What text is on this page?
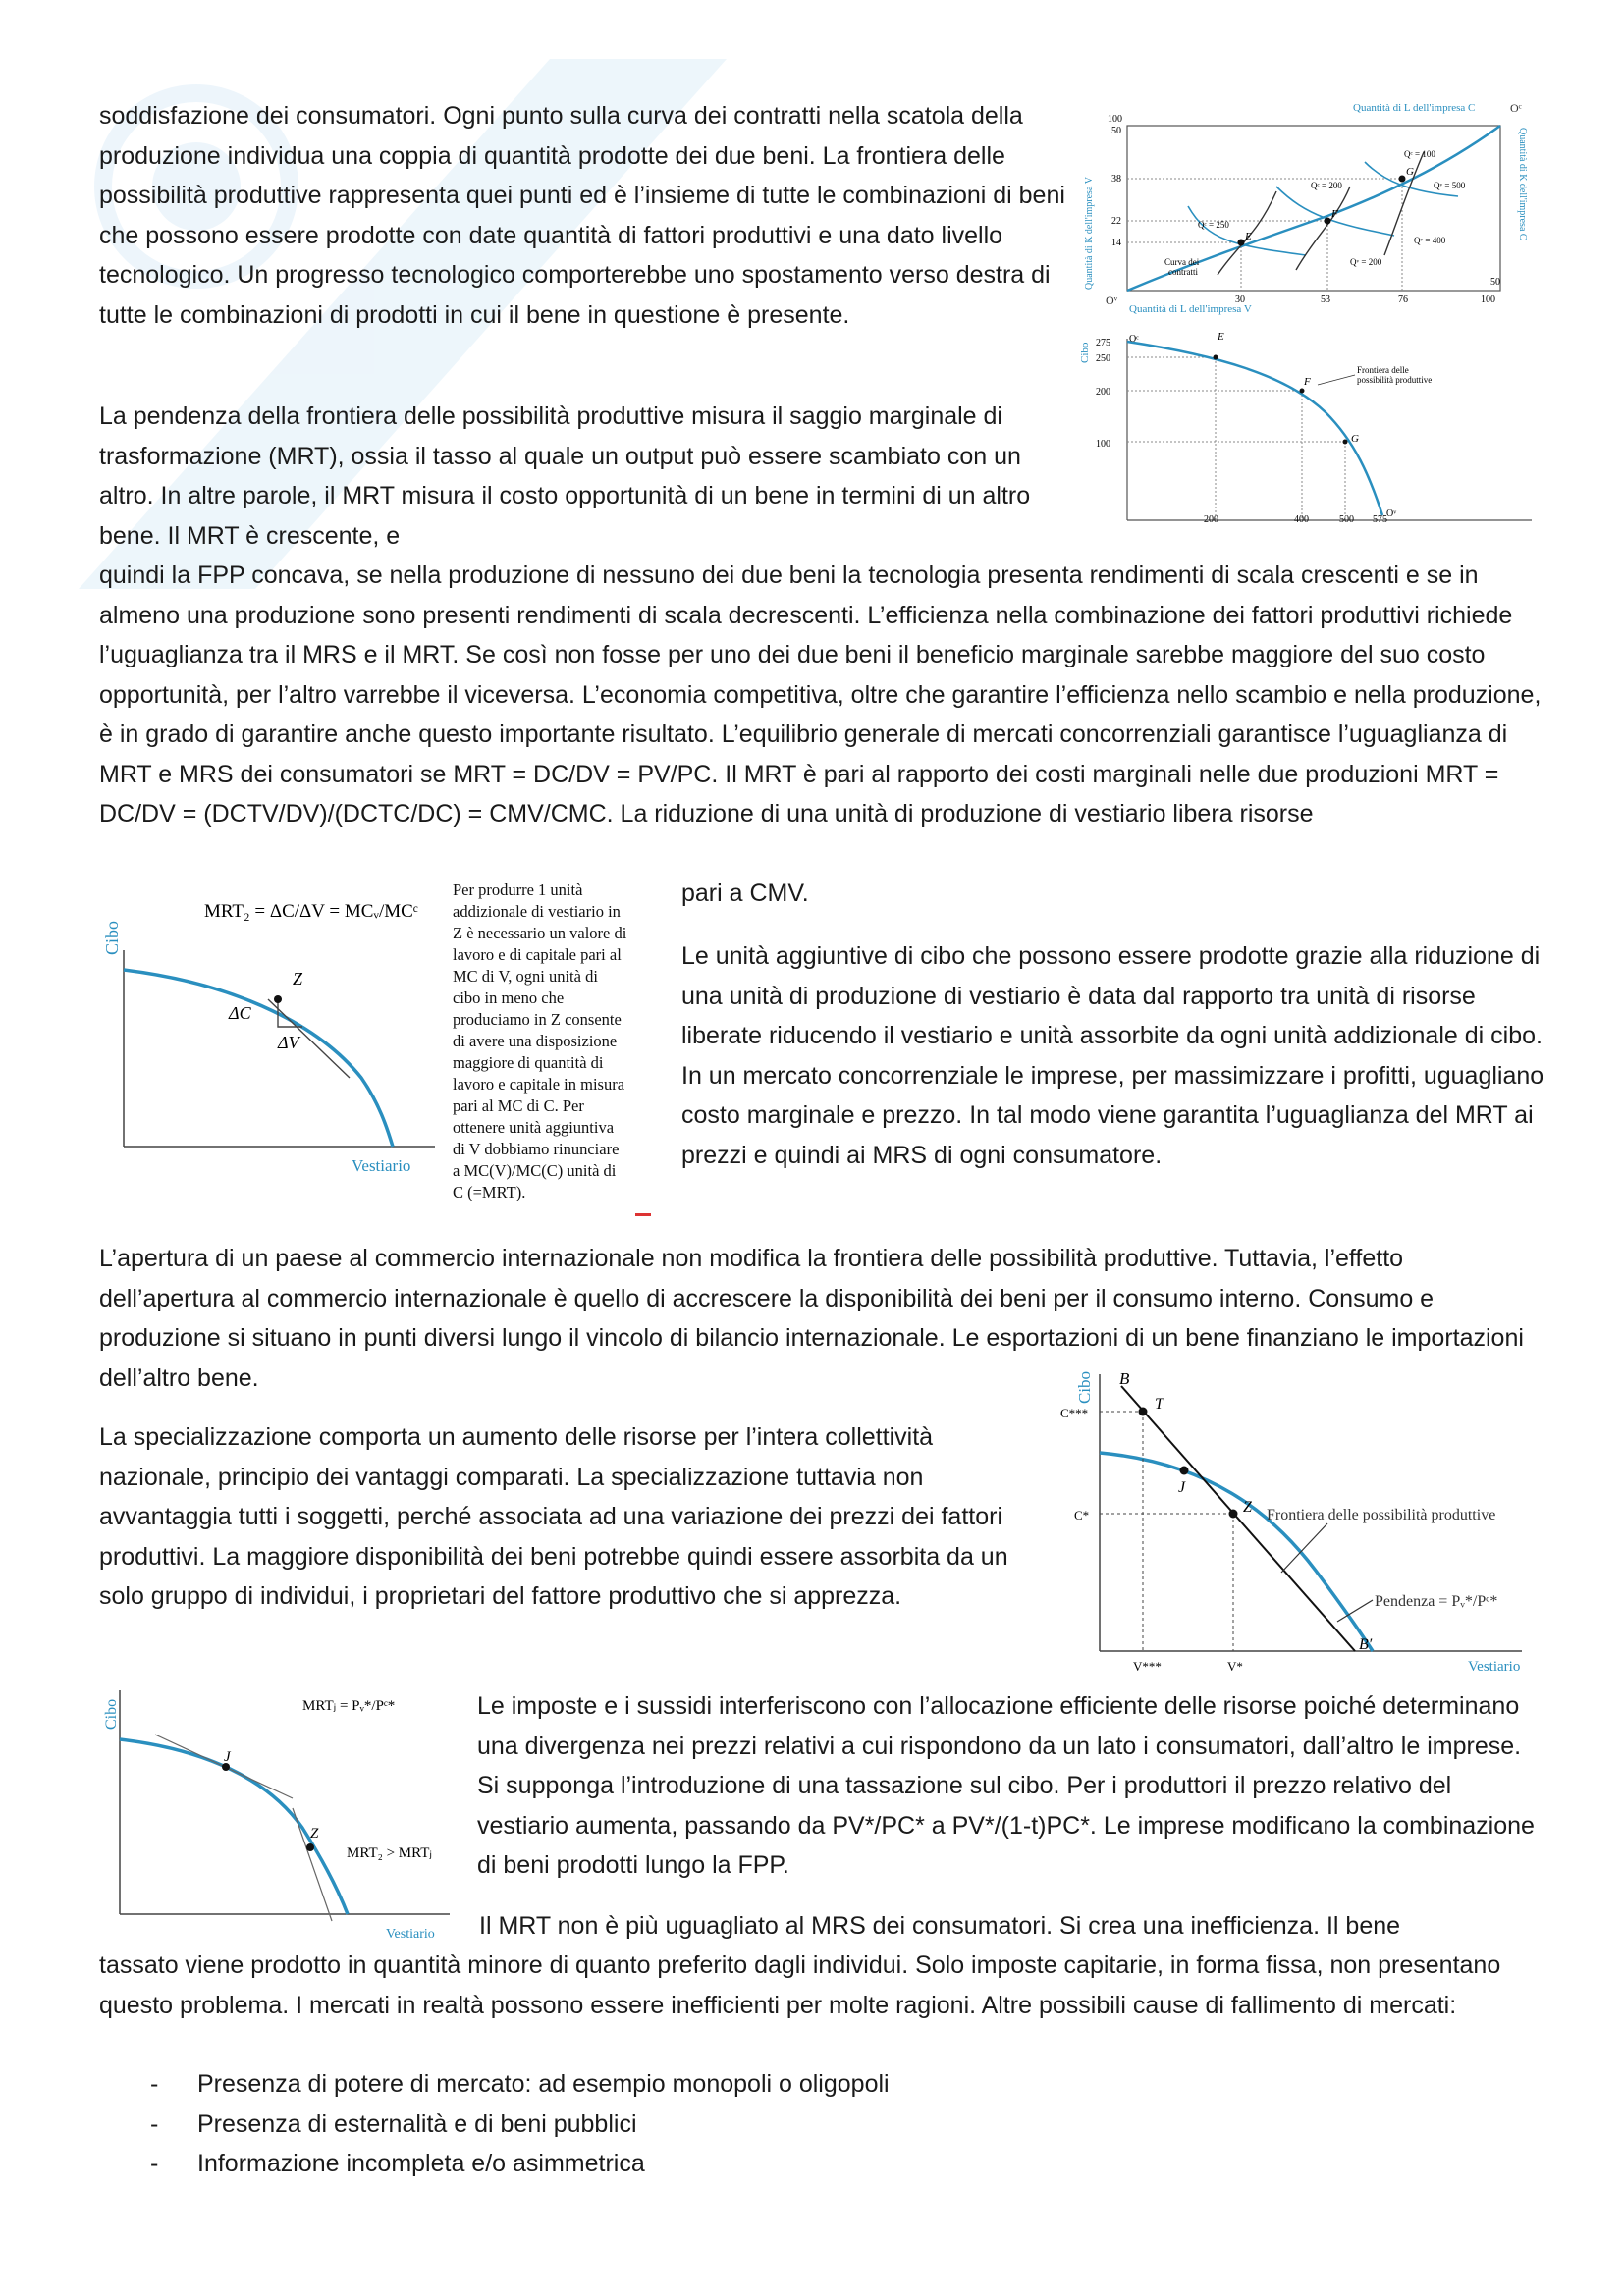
soddisfazione dei consumatori. Ogni punto sulla curva dei contratti nella scatola della produzione individua una coppia di quantità prodotte dei due beni. La frontiera delle possibilità produttive rappresenta quei punti ed è l’insieme di tutte le combinazioni di beni che possono essere prodotte con date quantità di fattori produttivi e una dato livello tecnologico. Un progresso tecnologico comporterebbe uno spostamento verso destra di tutte le combinazioni di prodotti in cui il bene in questione è presente.

Quantità di L dell'impresa C	Oᶜ
Quantità di L dell'impresa V
Oᵛ
Quantità di K dell'impresa V	Quantità di K dell'impresa C
100
50
38
22
14
30	53	76	100
50
E
F
G
Qᶜ = 100
Qᶜ = 200
Qᶜ = 250
Qᵛ = 500
Qᵛ = 400
Qᵛ = 200
Curva dei
contratti
Cibo 275
250
200
100
200	400	500 575
E
F
G
Oᶜ
Oᵛ
Frontiera delle
possibilità produttive

La pendenza della frontiera delle possibilità produttive misura il saggio marginale di trasformazione (MRT), ossia il tasso al quale un output può essere scambiato con un altro. In altre parole, il MRT misura il costo opportunità di un bene in termini di un altro bene. Il MRT è crescente, e

quindi la FPP concava, se nella produzione di nessuno dei due beni la tecnologia presenta rendimenti di scala crescenti e se in almeno una produzione sono presenti rendimenti di scala decrescenti. L’efficienza nella combinazione dei fattori produttivi richiede l’uguaglianza tra il MRS e il MRT. Se così non fosse per uno dei due beni il beneficio marginale sarebbe maggiore del suo costo opportunità, per l’altro varrebbe il viceversa. L’economia competitiva, oltre che garantire l’efficienza nello scambio e nella produzione, è in grado di garantire anche questo importante risultato. L’equilibrio generale di mercati concorrenziali garantisce l’uguaglianza di MRT e MRS dei consumatori se MRT = DC/DV = PV/PC. Il MRT è pari al rapporto dei costi marginali nelle due produzioni MRT = DC/DV = (DCTV/DV)/(DCTC/DC) = CMV/CMC. La riduzione di una unità di produzione di vestiario libera risorse

pari a CMV.

MRT₂ = ΔC/ΔV = MCᵥ/MCᶜ
Cibo
Z
ΔC
ΔV
Vestiario
Per produrre 1 unità
addizionale di vestiario in
Z è necessario un valore di
lavoro e di capitale pari al
MC di V, ogni unità di
cibo in meno che
produciamo in Z consente
di avere una disposizione
maggiore di quantità di
lavoro e capitale in misura
pari al MC di C. Per
ottenere unità aggiuntiva
di V dobbiamo rinunciare
a MC(V)/MC(C) unità di
C (=MRT).

Le unità aggiuntive di cibo che possono essere prodotte grazie alla riduzione di una unità di produzione di vestiario è data dal rapporto tra unità di risorse liberate riducendo il vestiario e unità assorbite da ogni unità addizionale di cibo. In un mercato concorrenziale le imprese, per massimizzare i profitti, uguagliano costo marginale e prezzo. In tal modo viene garantita l’uguaglianza del MRT ai prezzi e quindi ai MRS di ogni consumatore.

L’apertura di un paese al commercio internazionale non modifica la frontiera delle possibilità produttive. Tuttavia, l’effetto dell’apertura al commercio internazionale è quello di accrescere la disponibilità dei beni per il consumo interno. Consumo e produzione si situano in punti diversi lungo il vincolo di bilancio internazionale. Le esportazioni di un bene finanziano le importazioni dell’altro bene.	Cibo B
T
J
Z
B′
C***
C*
V***	V*
Frontiera delle possibilità produttive
Pendenza = Pᵥ*/Pᶜ*
Vestiario

La specializzazione comporta un aumento delle risorse per l’intera collettività nazionale, principio dei vantaggi comparati. La specializzazione tuttavia non avvantaggia tutti i soggetti, perché associata ad una variazione dei prezzi dei fattori produttivi. La maggiore disponibilità dei beni potrebbe quindi essere assorbita da un solo gruppo di individui, i proprietari del fattore produttivo che si apprezza.

Cibo
J
Z
MRTⱼ = Pᵥ*/Pᶜ*
MRT₂ > MRTⱼ
Vestiario

Le imposte e i sussidi interferiscono con l’allocazione efficiente delle risorse poiché determinano una divergenza nei prezzi relativi a cui rispondono da un lato i consumatori, dall’altro le imprese. Si supponga l’introduzione di una tassazione sul cibo. Per i produttori il prezzo relativo del vestiario aumenta, passando da PV*/PC* a PV*/(1-t)PC*. Le imprese modificano la combinazione di beni prodotti lungo la FPP.

Il MRT non è più uguagliato al MRS dei consumatori. Si crea una inefficienza. Il bene

tassato viene prodotto in quantità minore di quanto preferito dagli individui. Solo imposte capitarie, in forma fissa, non presentano questo problema. I mercati in realtà possono essere inefficienti per molte ragioni. Altre possibili cause di fallimento di mercati:

- Presenza di potere di mercato: ad esempio monopoli o oligopoli
- Presenza di esternalità e di beni pubblici
- Informazione incompleta e/o asimmetrica
